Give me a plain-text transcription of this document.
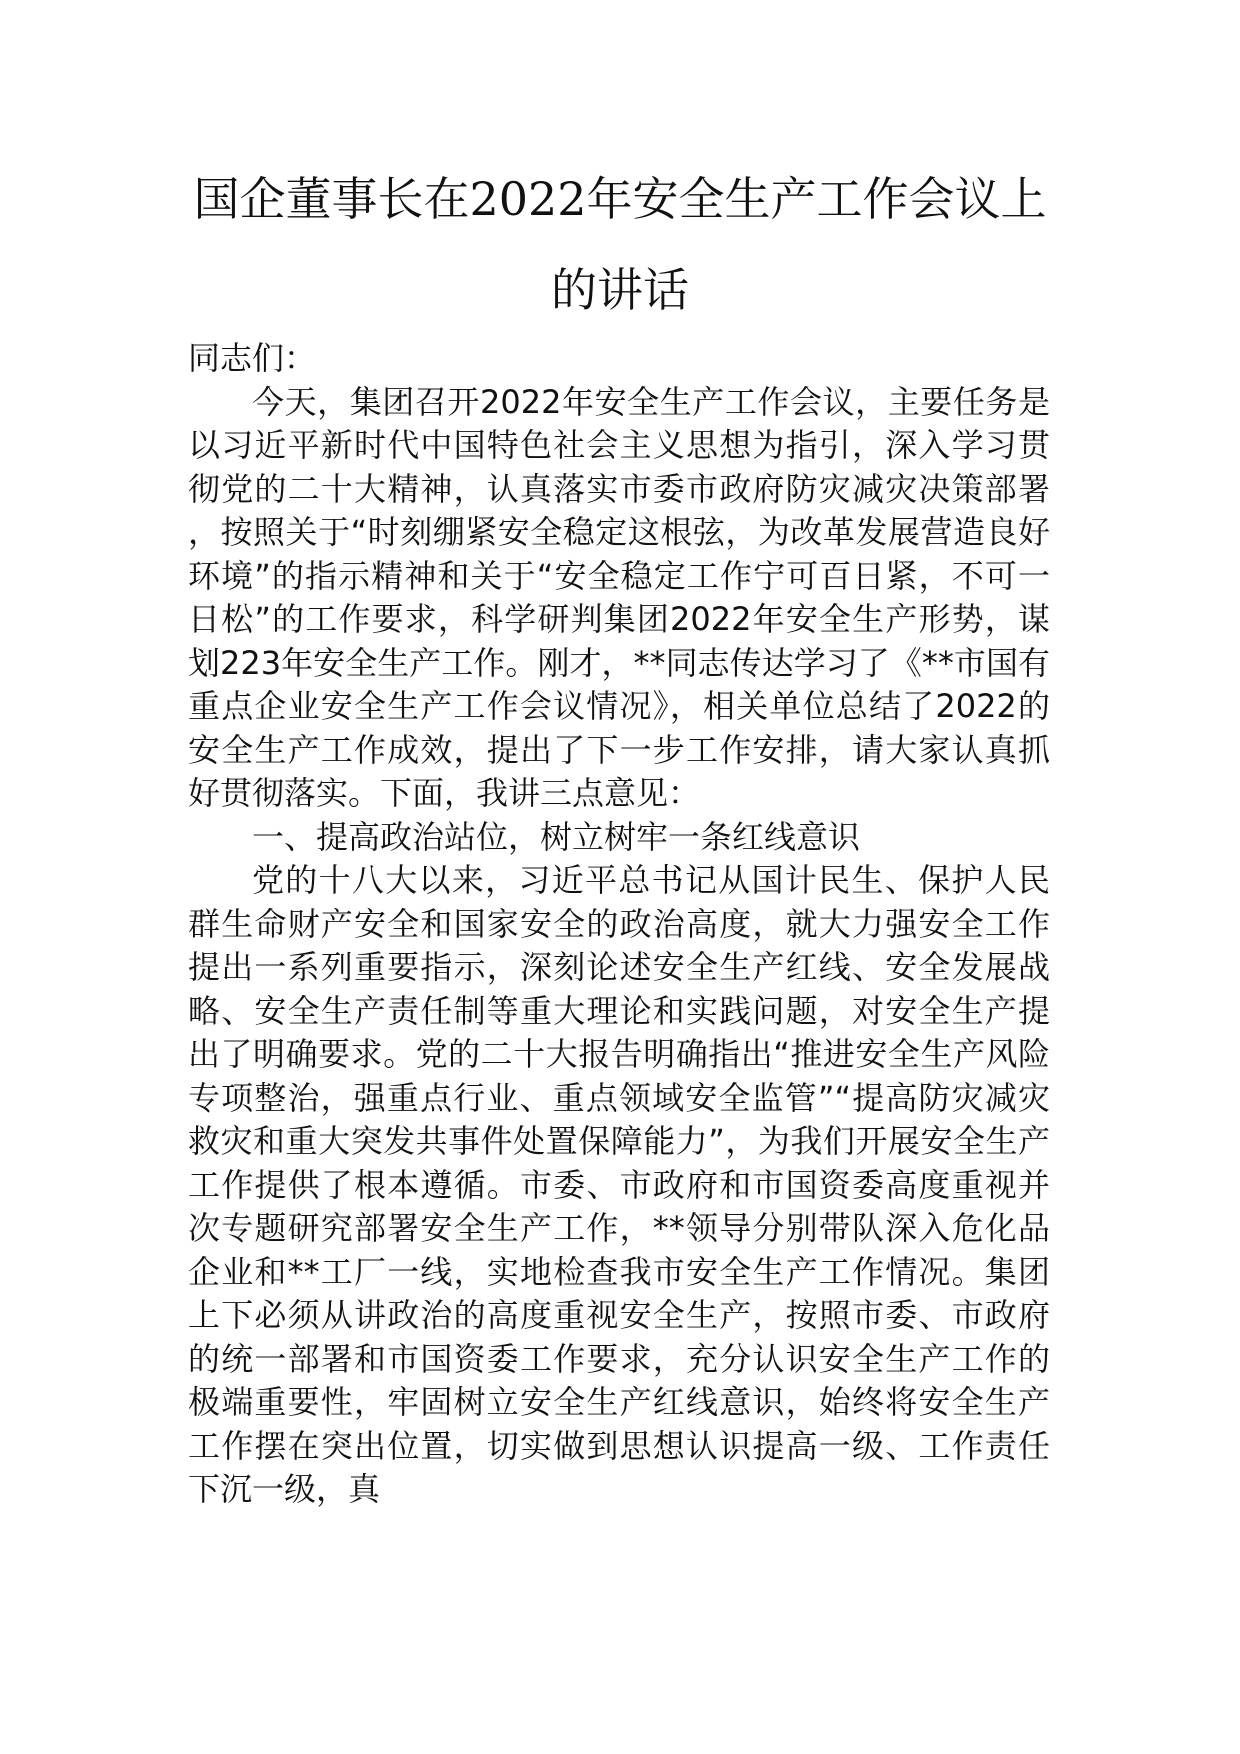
国企董事长在2022年安全生产工作会议上
的讲话

同志们：

今天，集团召开2022年安全生产工作会议，主要任务是以习近平新时代中国特色社会主义思想为指引，深入学习贯彻党的二十大精神，认真落实市委市政府防灾减灾决策部署，按照关于“时刻绷紧安全稳定这根弦，为改革发展营造良好环境”的指示精神和关于“安全稳定工作宁可百日紧，不可一日松”的工作要求，科学研判集团2022年安全生产形势，谋划223年安全生产工作。刚才，**同志传达学习了《**市国有重点企业安全生产工作会议情况》，相关单位总结了2022的安全生产工作成效，提出了下一步工作安排，请大家认真抓好贯彻落实。下面，我讲三点意见：

一、提高政治站位，树立树牢一条红线意识

党的十八大以来，习近平总书记从国计民生、保护人民群生命财产安全和国家安全的政治高度，就大力强安全工作提出一系列重要指示，深刻论述安全生产红线、安全发展战略、安全生产责任制等重大理论和实践问题，对安全生产提出了明确要求。党的二十大报告明确指出“推进安全生产风险专项整治，强重点行业、重点领域安全监管”“提高防灾减灾救灾和重大突发共事件处置保障能力”，为我们开展安全生产工作提供了根本遵循。市委、市政府和市国资委高度重视并次专题研究部署安全生产工作，**领导分别带队深入危化品企业和**工厂一线，实地检查我市安全生产工作情况。集团上下必须从讲政治的高度重视安全生产，按照市委、市政府的统一部署和市国资委工作要求，充分认识安全生产工作的极端重要性，牢固树立安全生产红线意识，始终将安全生产工作摆在突出位置，切实做到思想认识提高一级、工作责任下沉一级，真
